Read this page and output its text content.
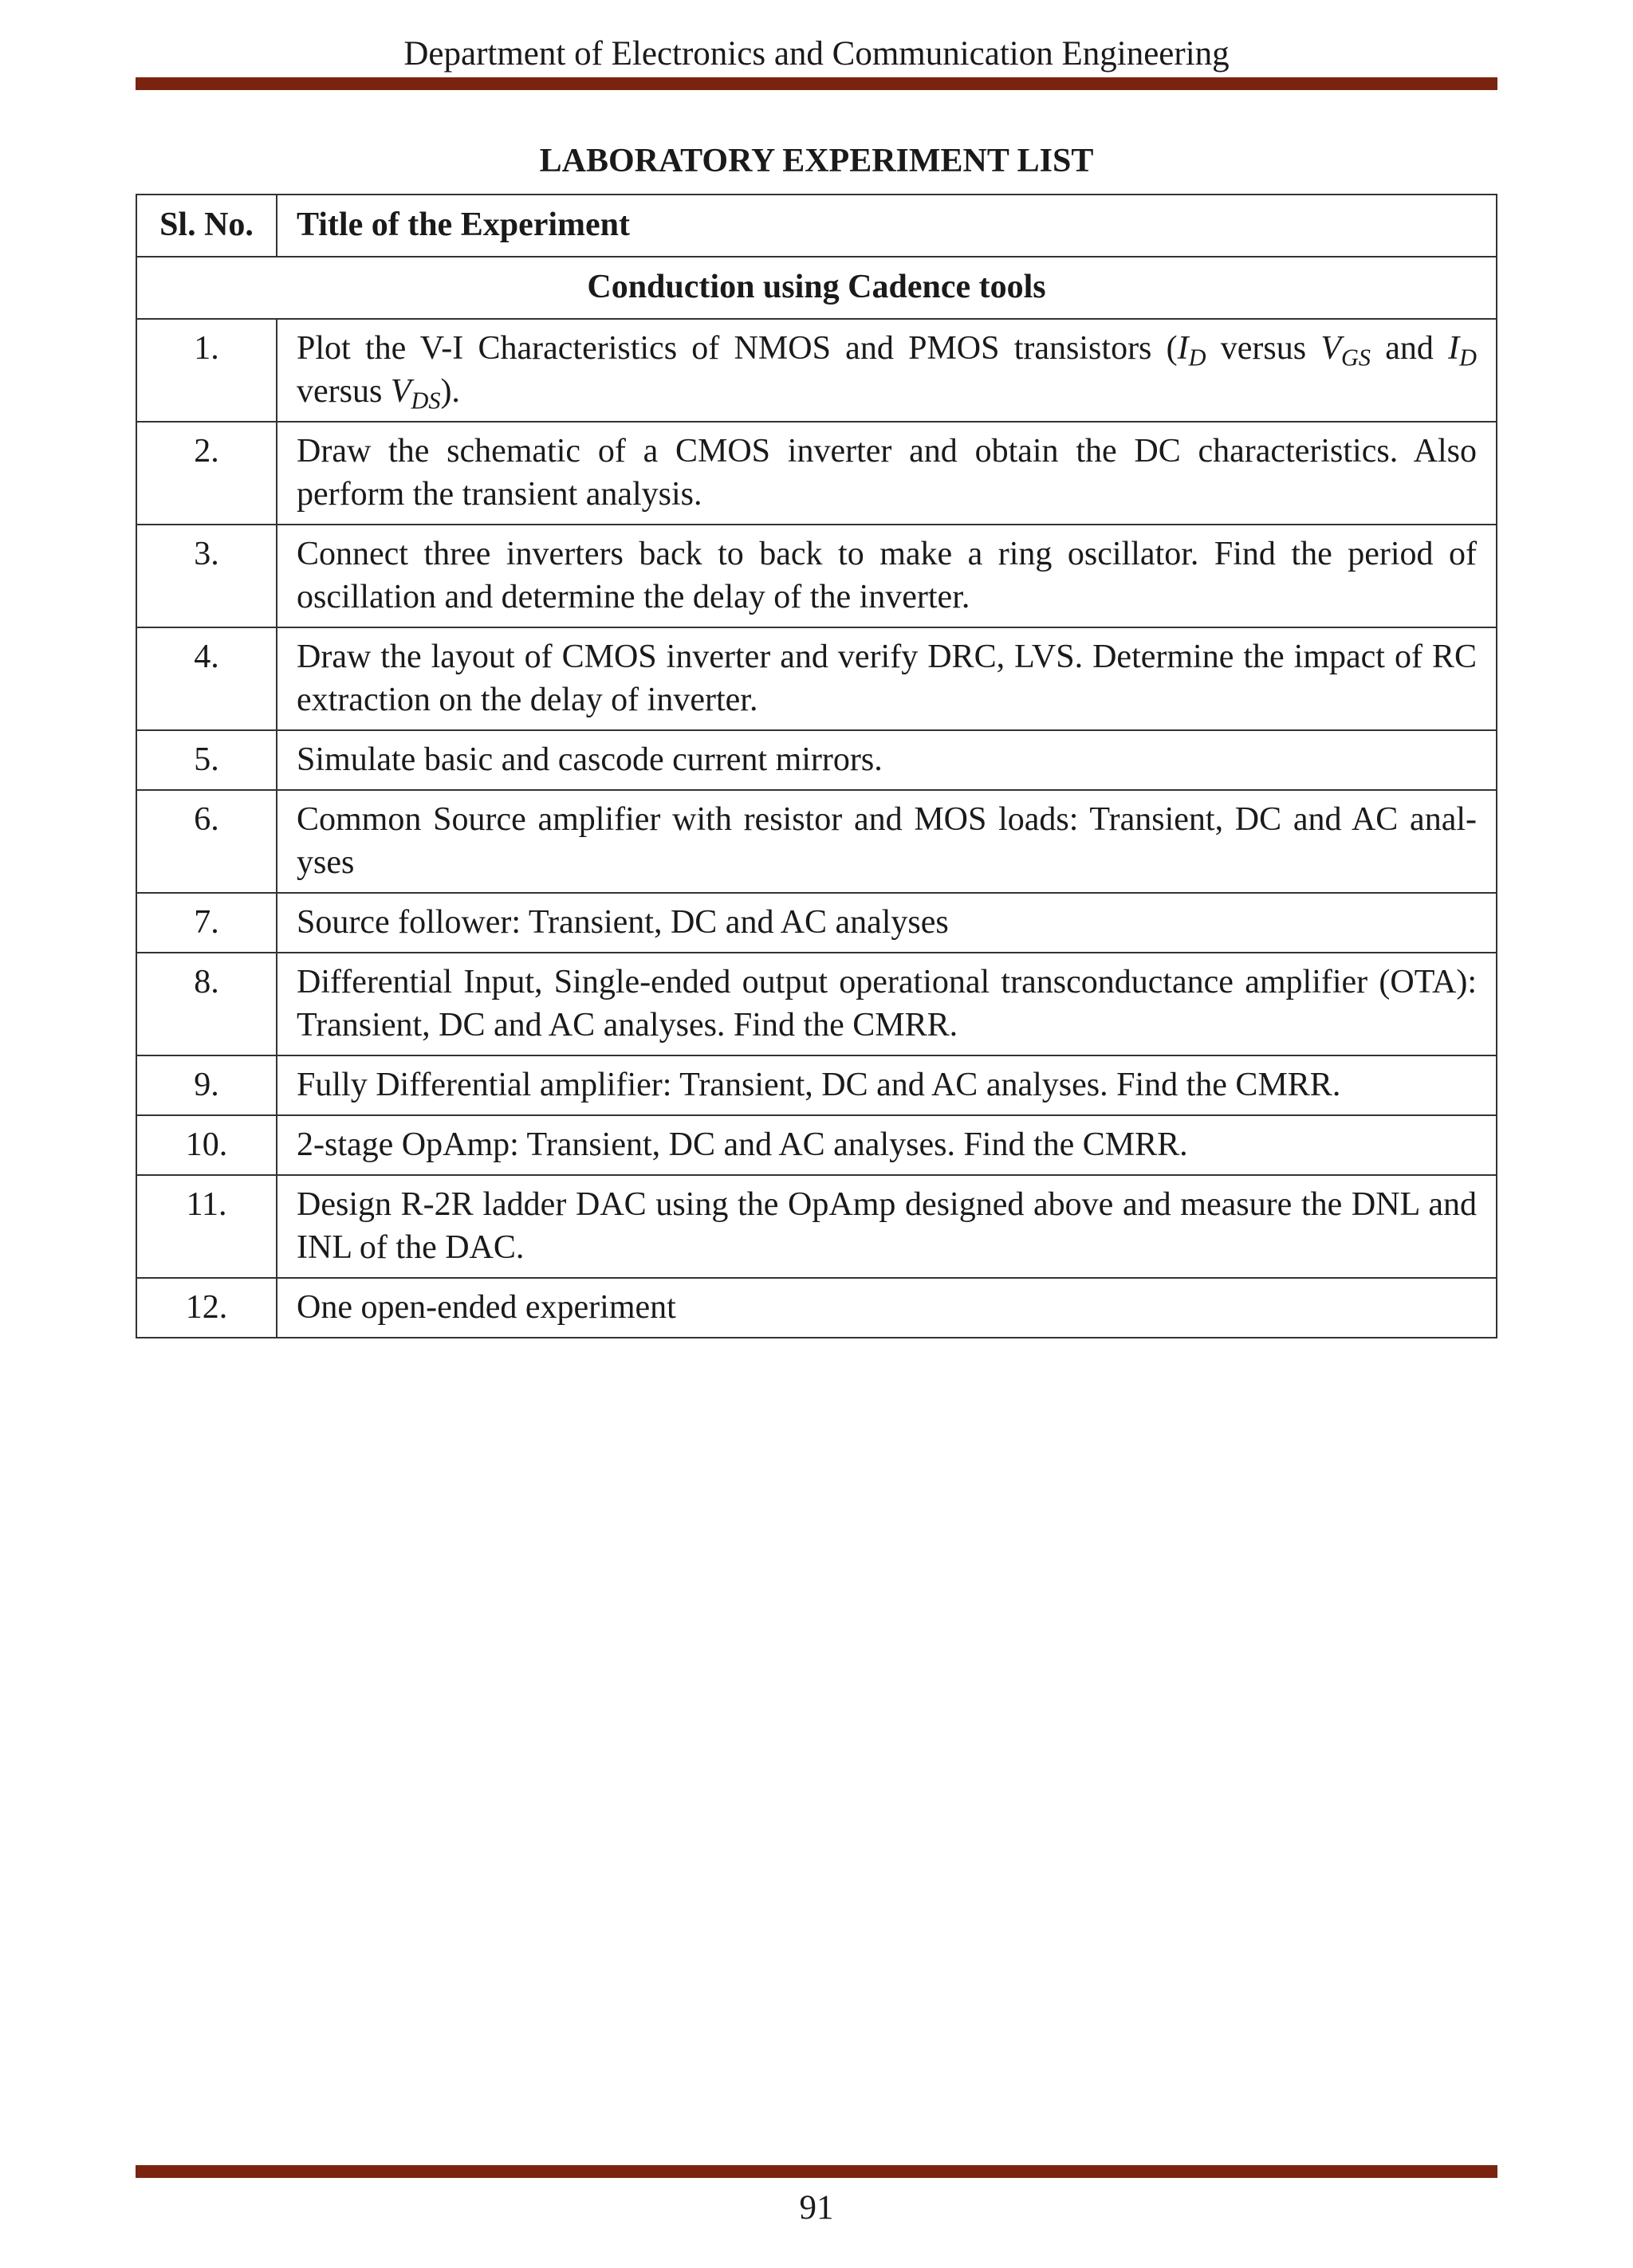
Department of Electronics and Communication Engineering
LABORATORY EXPERIMENT LIST
Sl. No.	Title of the Experiment
Conduction using Cadence tools	
1.	Plot the V-I Characteristics of NMOS and PMOS transistors ($I_D$ versus $V_{GS}$ and $I_D$ versus $V_{DS}$).
2.	Draw the schematic of a CMOS inverter and obtain the DC characteristics. Also perform the transient analysis.
3.	Connect three inverters back to back to make a ring oscillator. Find the period of oscillation and determine the delay of the inverter.
4.	Draw the layout of CMOS inverter and verify DRC, LVS. Determine the impact of RC extraction on the delay of inverter.
5.	Simulate basic and cascode current mirrors.
6.	Common Source amplifier with resistor and MOS loads: Transient, DC and AC anal-yses
7.	Source follower: Transient, DC and AC analyses
8.	Differential Input, Single-ended output operational transconductance amplifier (OTA): Transient, DC and AC analyses. Find the CMRR.
9.	Fully Differential amplifier: Transient, DC and AC analyses. Find the CMRR.
10.	2-stage OpAmp: Transient, DC and AC analyses. Find the CMRR.
11.	Design R-2R ladder DAC using the OpAmp designed above and measure the DNL and INL of the DAC.
12.	One open-ended experiment
91
